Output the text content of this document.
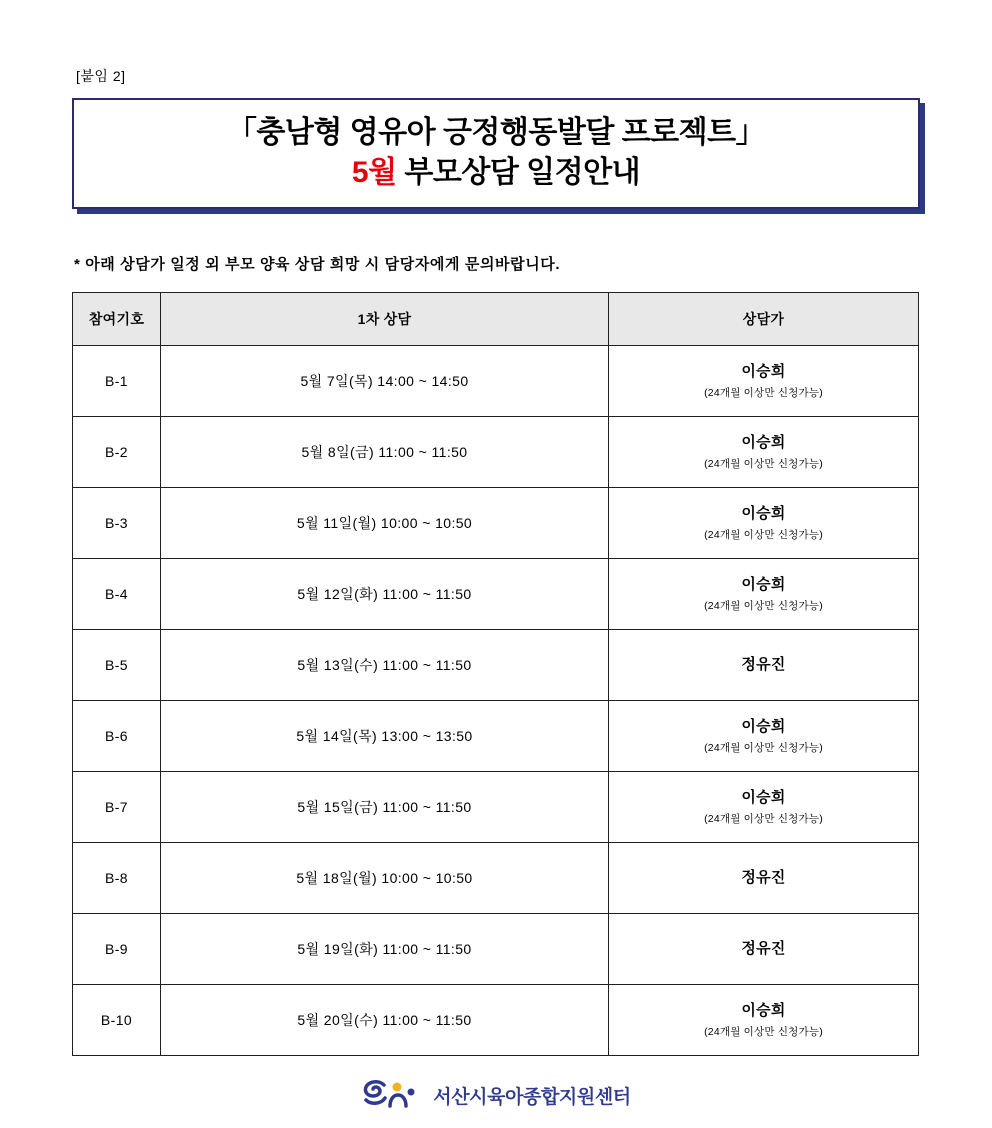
[붙임 2]
「충남형 영유아 긍정행동발달 프로젝트」
5월 부모상담 일정안내
* 아래 상담가 일정 외 부모 양육 상담 희망 시 담당자에게 문의바랍니다.
참여기호	1차 상담	상담가
B-1	5월 7일(목) 14:00 ~ 14:50	이승희
(24개월 이상만 신청가능)

B-2	5월 8일(금) 11:00 ~ 11:50	이승희
(24개월 이상만 신청가능)

B-3	5월 11일(월) 10:00 ~ 10:50	이승희
(24개월 이상만 신청가능)

B-4	5월 12일(화) 11:00 ~ 11:50	이승희
(24개월 이상만 신청가능)

B-5	5월 13일(수) 11:00 ~ 11:50	정유진

B-6	5월 14일(목) 13:00 ~ 13:50	이승희
(24개월 이상만 신청가능)

B-7	5월 15일(금) 11:00 ~ 11:50	이승희
(24개월 이상만 신청가능)

B-8	5월 18일(월) 10:00 ~ 10:50	정유진

B-9	5월 19일(화) 11:00 ~ 11:50	정유진

B-10	5월 20일(수) 11:00 ~ 11:50	이승희
(24개월 이상만 신청가능)
서산시육아종합지원센터
